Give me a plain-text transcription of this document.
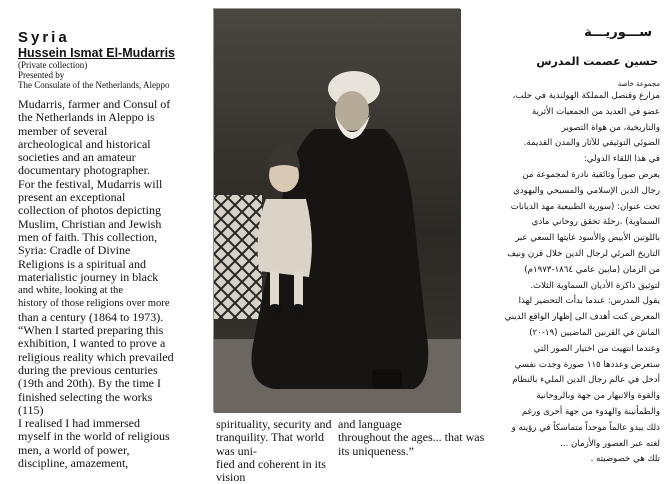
Syria
Hussein Ismat El-Mudarris
(Private collection)
Presented by
The Consulate of the Netherlands, Aleppo
Mudarris, farmer and Consul of
the Netherlands in Aleppo is
member of several
archeological and historical
societies and an amateur
documentary photographer.
For the festival, Mudarris will
present an exceptional
collection of photos depicting
Muslim, Christian and Jewish
men of faith. This collection,
Syria: Cradle of Divine
Religions is a spiritual and
materialistic journey in black
and white, looking at the
history of those religions over more
than a century (1864 to 1973).
“When I started preparing this
exhibition, I wanted to prove a
religious reality which prevailed
during the previous centuries
(19th and 20th). By the time I
finished selecting the works
(115)
I realised I had immersed
myself in the world of religious
men, a world of power,
discipline, amazement,
spirituality, security and
tranquility. That world was uni-
fied and coherent in its vision
and language
throughout the ages... that was
its uniqueness.”
ســـوريـــة
حسين عصمت المدرس
مجموعة خاصة

مزارع وقنصل المملكة الهولندية في حلب،

عضو في العديد من الجمعيات الأثرية

والتاريخية، من هواة التصوير

الضوئي التوثيقي للآثار والمدن القديمة.

في هذا اللقاء الدولي:

يعرض صوراً وثائقية نادرة لمجموعة من

رجال الدين الإسلامي والمسيحي واليهودي

تحت عنوان: (سورية الطبيعية مهد الديانات

السماوية) .رحلة تحقق روحاني مادي

باللونين الأبيض والأسود غايتها السعي عبر

التاريخ المرئي لرجال الدين خلال قرن ونيف

من الزمان (مابين عامي ١٨٦٤-١٩٧٣م)

لتوثيق ذاكرة الأديان السماوية الثلاث.

يقول المدرس: عندما بدأت التحضير لهذا

المعرض كنت أهدف الى إظهار الواقع الديني

الماش في القرنين الماضيين (١٩-٢٠)

وعندما انتهيت من اختيار الصور التي

ستعرض وعددها ١١٥ صورة وجدت نفسي

أدخل في عالم رجال الدين المليء بالنظام

والقوة والانبهار من جهة وبالروحانية

والطمأنينة والهدوء من جهة أخرى ورغم

ذلك يبدو عالماً موحداً متماسكاً في رؤيته و

لغته عبر العصور والأزمان ...

تلك هي خصوصيته .
